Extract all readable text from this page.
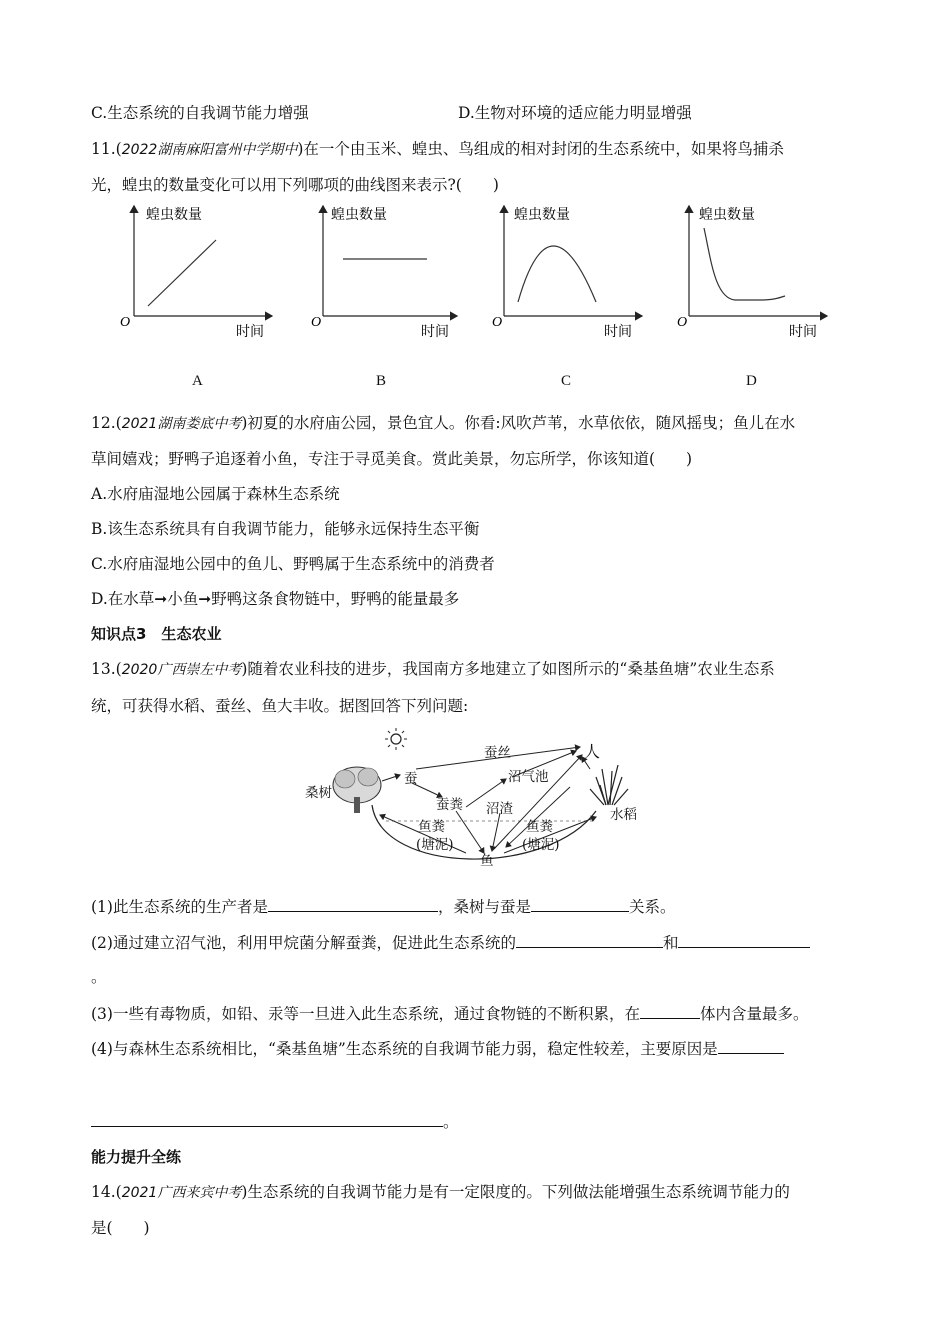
C.生态系统的自我调节能力增强	D.生物对环境的适应能力明显增强
11.(2022湖南麻阳富州中学期中)在一个由玉米、蝗虫、鸟组成的相对封闭的生态系统中，如果将鸟捕杀
光，蝗虫的数量变化可以用下列哪项的曲线图来表示?(　　)
蝗虫数量
时间
O
A
蝗虫数量
时间
O
B
蝗虫数量
时间
O
C
蝗虫数量
时间
O
D
12.(2021湖南娄底中考)初夏的水府庙公园，景色宜人。你看:风吹芦苇，水草依依，随风摇曳；鱼儿在水
草间嬉戏；野鸭子追逐着小鱼，专注于寻觅美食。赏此美景，勿忘所学，你该知道(　　)
A.水府庙湿地公园属于森林生态系统
B.该生态系统具有自我调节能力，能够永远保持生态平衡
C.水府庙湿地公园中的鱼儿、野鸭属于生态系统中的消费者
D.在水草➞小鱼➞野鸭这条食物链中，野鸭的能量最多
知识点3　生态农业
13.(2020广西崇左中考)随着农业科技的进步，我国南方多地建立了如图所示的“桑基鱼塘”农业生态系
统，可获得水稻、蚕丝、鱼大丰收。据图回答下列问题:
桑树
蚕
蚕丝	人
沼气池
蚕粪 沼渣	水稻
鱼粪
(塘泥)
鱼粪
(塘泥)
鱼
(1)此生态系统的生产者是	，桑树与蚕是	关系。
(2)通过建立沼气池，利用甲烷菌分解蚕粪，促进此生态系统的	和
。
(3)一些有毒物质，如铅、汞等一旦进入此生态系统，通过食物链的不断积累，在	体内含量最多。
(4)与森林生态系统相比，“桑基鱼塘”生态系统的自我调节能力弱，稳定性较差，主要原因是
。
能力提升全练
14.(2021广西来宾中考)生态系统的自我调节能力是有一定限度的。下列做法能增强生态系统调节能力的
是(　　)
